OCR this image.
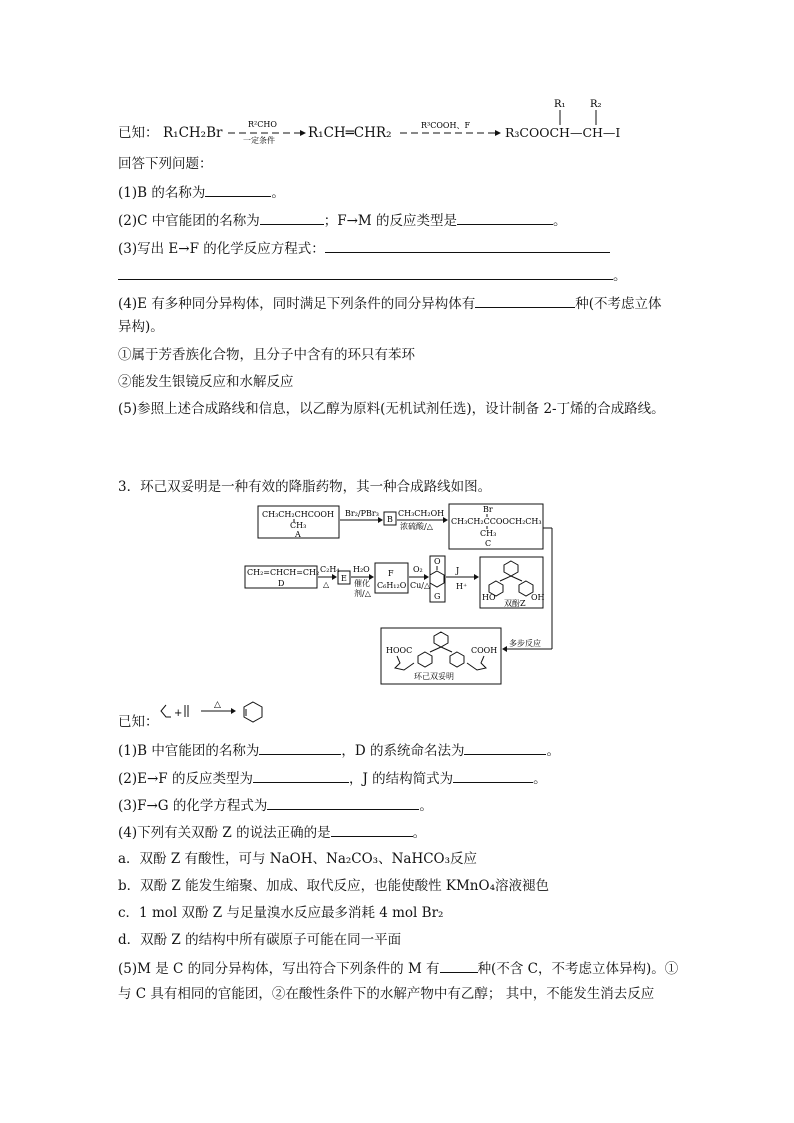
已知： R₁CH₂Br
R²CHO
一定条件
R³COOH、F
R₁ R₂
R₁CH═CHR₂	R₃COOCH—CH—I
回答下列问题：
(1)B 的名称为	。
(2)C 中官能团的名称为	；F→M 的反应类型是	。
(3)写出 E→F 的化学反应方程式：
。
(4)E 有多种同分异构体，同时满足下列条件的同分异构体有	种(不考虑立体
异构)。
①属于芳香族化合物，且分子中含有的环只有苯环
②能发生银镜反应和水解反应
(5)参照上述合成路线和信息，以乙醇为原料(无机试剂任选)，设计制备 2-丁烯的合成路线。
3．环己双妥明是一种有效的降脂药物，其一种合成路线如图。
CH₃CH₂CHCOOH
CH₃
A
Br₂/PBr₃
B
CH₃CH₂OH
浓硫酸/△
Br
CH₃CH₂CCOOCH₂CH₃
CH₃
C
CH₂=CHCH=CH₂
D
C₂H₄
△
E
H₂O
催化
剂/△
F
C₆H₁₂O
O₂
Cu/△
O
G
J
H⁺
HO	OH
双酚Z
多步反应
HOOC	COOH
环己双妥明
已知：
+
△
(1)B 中官能团的名称为	，D 的系统命名法为	。
(2)E→F 的反应类型为	，J 的结构简式为	。
(3)F→G 的化学方程式为	。
(4)下列有关双酚 Z 的说法正确的是	。
a．双酚 Z 有酸性，可与 NaOH、Na₂CO₃、NaHCO₃反应
b．双酚 Z 能发生缩聚、加成、取代反应，也能使酸性 KMnO₄溶液褪色
c．1 mol 双酚 Z 与足量溴水反应最多消耗 4 mol Br₂
d．双酚 Z 的结构中所有碳原子可能在同一平面
(5)M 是 C 的同分异构体，写出符合下列条件的 M 有	种(不含 C，不考虑立体异构)。①
与 C 具有相同的官能团，②在酸性条件下的水解产物中有乙醇； 其中，不能发生消去反应
